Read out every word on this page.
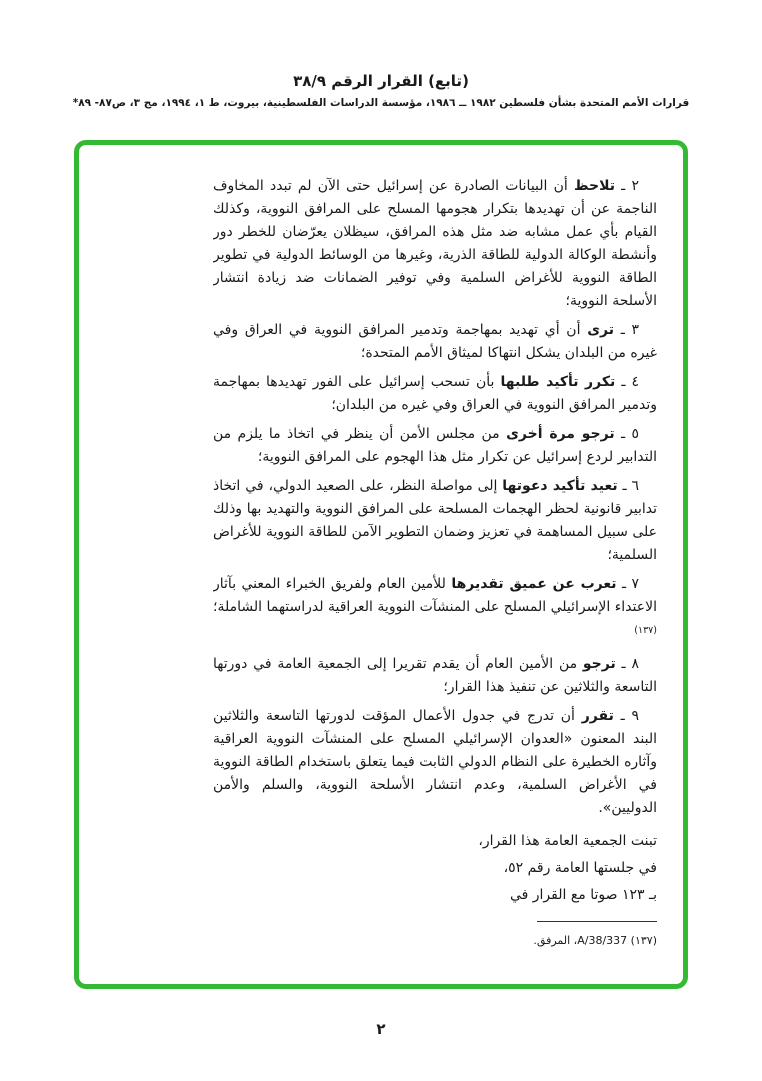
(تابع) القرار الرقم ٣٨/٩
قرارات الأمم المتحدة بشأن فلسطين ١٩٨٢ ــ ١٩٨٦، مؤسسة الدراسات الفلسطينية، بيروت، ط ١، ١٩٩٤، مج ٣، ص٨٧- ٨٩*

٢ ـ تلاحظ أن البيانات الصادرة عن إسرائيل حتى الآن لم تبدد المخاوف الناجمة عن أن تهديدها بتكرار هجومها المسلح على المرافق النووية، وكذلك القيام بأي عمل مشابه ضد مثل هذه المرافق، سيظلان يعرّضان للخطر دور وأنشطة الوكالة الدولية للطاقة الذرية، وغيرها من الوسائط الدولية في تطوير الطاقة النووية للأغراض السلمية وفي توفير الضمانات ضد زيادة انتشار الأسلحة النووية؛

٣ ـ ترى أن أي تهديد بمهاجمة وتدمير المرافق النووية في العراق وفي غيره من البلدان يشكل انتهاكا لميثاق الأمم المتحدة؛

٤ ـ تكرر تأكيد طلبها بأن تسحب إسرائيل على الفور تهديدها بمهاجمة وتدمير المرافق النووية في العراق وفي غيره من البلدان؛

٥ ـ ترجو مرة أخرى من مجلس الأمن أن ينظر في اتخاذ ما يلزم من التدابير لردع إسرائيل عن تكرار مثل هذا الهجوم على المرافق النووية؛

٦ ـ تعيد تأكيد دعوتها إلى مواصلة النظر، على الصعيد الدولي، في اتخاذ تدابير قانونية لحظر الهجمات المسلحة على المرافق النووية والتهديد بها وذلك على سبيل المساهمة في تعزيز وضمان التطوير الآمن للطاقة النووية للأغراض السلمية؛

٧ ـ تعرب عن عميق تقديرها للأمين العام ولفريق الخبراء المعني بآثار الاعتداء الإسرائيلي المسلح على المنشآت النووية العراقية لدراستهما الشاملة؛$^{(١٣٧)}$

٨ ـ ترجو من الأمين العام أن يقدم تقريرا إلى الجمعية العامة في دورتها التاسعة والثلاثين عن تنفيذ هذا القرار؛

٩ ـ تقرر أن تدرج في جدول الأعمال المؤقت لدورتها التاسعة والثلاثين البند المعنون «العدوان الإسرائيلي المسلح على المنشآت النووية العراقية وآثاره الخطيرة على النظام الدولي الثابت فيما يتعلق باستخدام الطاقة النووية في الأغراض السلمية، وعدم انتشار الأسلحة النووية، والسلم والأمن الدوليين».

تبنت الجمعية العامة هذا القرار،
في جلستها العامة رقم ٥٢،
بـ ١٢٣ صوتا مع القرار في
(١٣٧) A/38/337، المرفق.
٢
